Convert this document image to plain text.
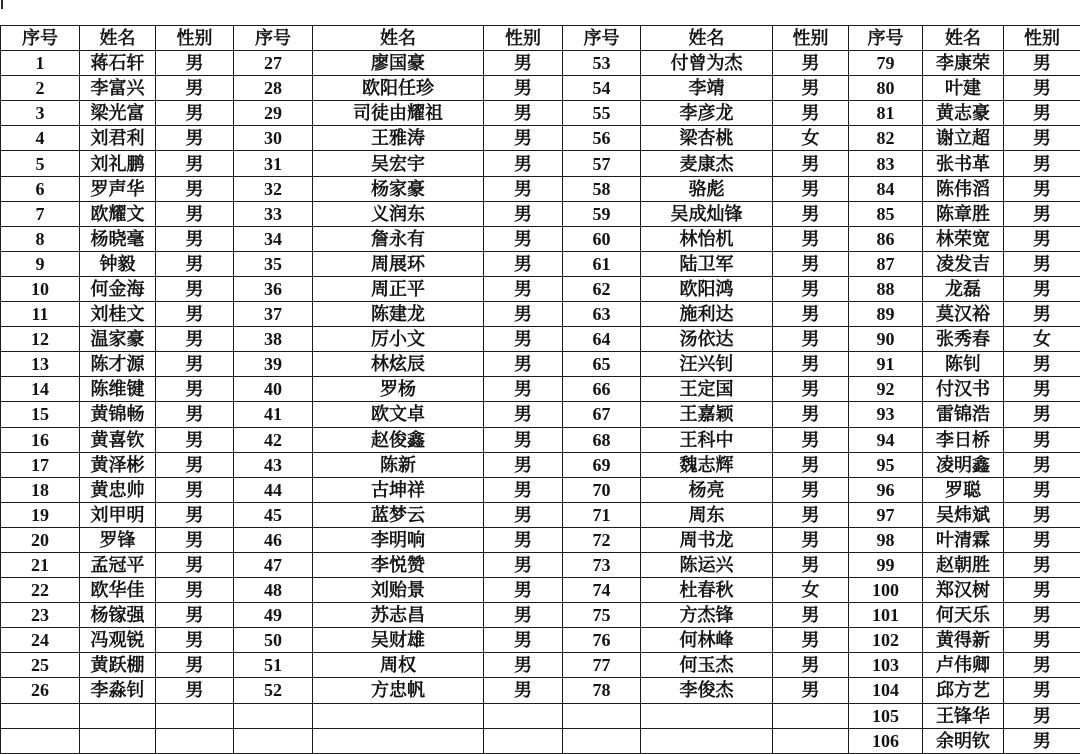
序号	姓名	性别	序号	姓名	性别	序号	姓名	性别	序号	姓名	性别
1	蒋石轩	男	27	廖国豪	男	53	付曾为杰	男	79	李康荣	男
2	李富兴	男	28	欧阳任珍	男	54	李靖	男	80	叶建	男
3	梁光富	男	29	司徒由耀祖	男	55	李彦龙	男	81	黄志豪	男
4	刘君利	男	30	王雅涛	男	56	梁杏桃	女	82	谢立超	男
5	刘礼鹏	男	31	吴宏宇	男	57	麦康杰	男	83	张书革	男
6	罗声华	男	32	杨家豪	男	58	骆彪	男	84	陈伟滔	男
7	欧耀文	男	33	义润东	男	59	吴成灿锋	男	85	陈章胜	男
8	杨晓毫	男	34	詹永有	男	60	林怡机	男	86	林荣宽	男
9	钟毅	男	35	周展环	男	61	陆卫军	男	87	凌发吉	男
10	何金海	男	36	周正平	男	62	欧阳鸿	男	88	龙磊	男
11	刘桂文	男	37	陈建龙	男	63	施利达	男	89	莫汉裕	男
12	温家豪	男	38	厉小文	男	64	汤依达	男	90	张秀春	女
13	陈才源	男	39	林炫辰	男	65	汪兴钊	男	91	陈钊	男
14	陈维键	男	40	罗杨	男	66	王定国	男	92	付汉书	男
15	黄锦畅	男	41	欧文卓	男	67	王嘉颖	男	93	雷锦浩	男
16	黄喜钦	男	42	赵俊鑫	男	68	王科中	男	94	李日桥	男
17	黄泽彬	男	43	陈新	男	69	魏志辉	男	95	凌明鑫	男
18	黄忠帅	男	44	古坤祥	男	70	杨亮	男	96	罗聪	男
19	刘甲明	男	45	蓝梦云	男	71	周东	男	97	吴炜斌	男
20	罗锋	男	46	李明响	男	72	周书龙	男	98	叶清霖	男
21	孟冠平	男	47	李悦赞	男	73	陈运兴	男	99	赵朝胜	男
22	欧华佳	男	48	刘贻景	男	74	杜春秋	女	100	郑汉树	男
23	杨镓强	男	49	苏志昌	男	75	方杰锋	男	101	何天乐	男
24	冯观锐	男	50	吴财雄	男	76	何林峰	男	102	黄得新	男
25	黄跃棚	男	51	周权	男	77	何玉杰	男	103	卢伟卿	男
26	李淼钊	男	52	方忠帆	男	78	李俊杰	男	104	邱方艺	男
									105	王锋华	男
									106	余明钦	男
